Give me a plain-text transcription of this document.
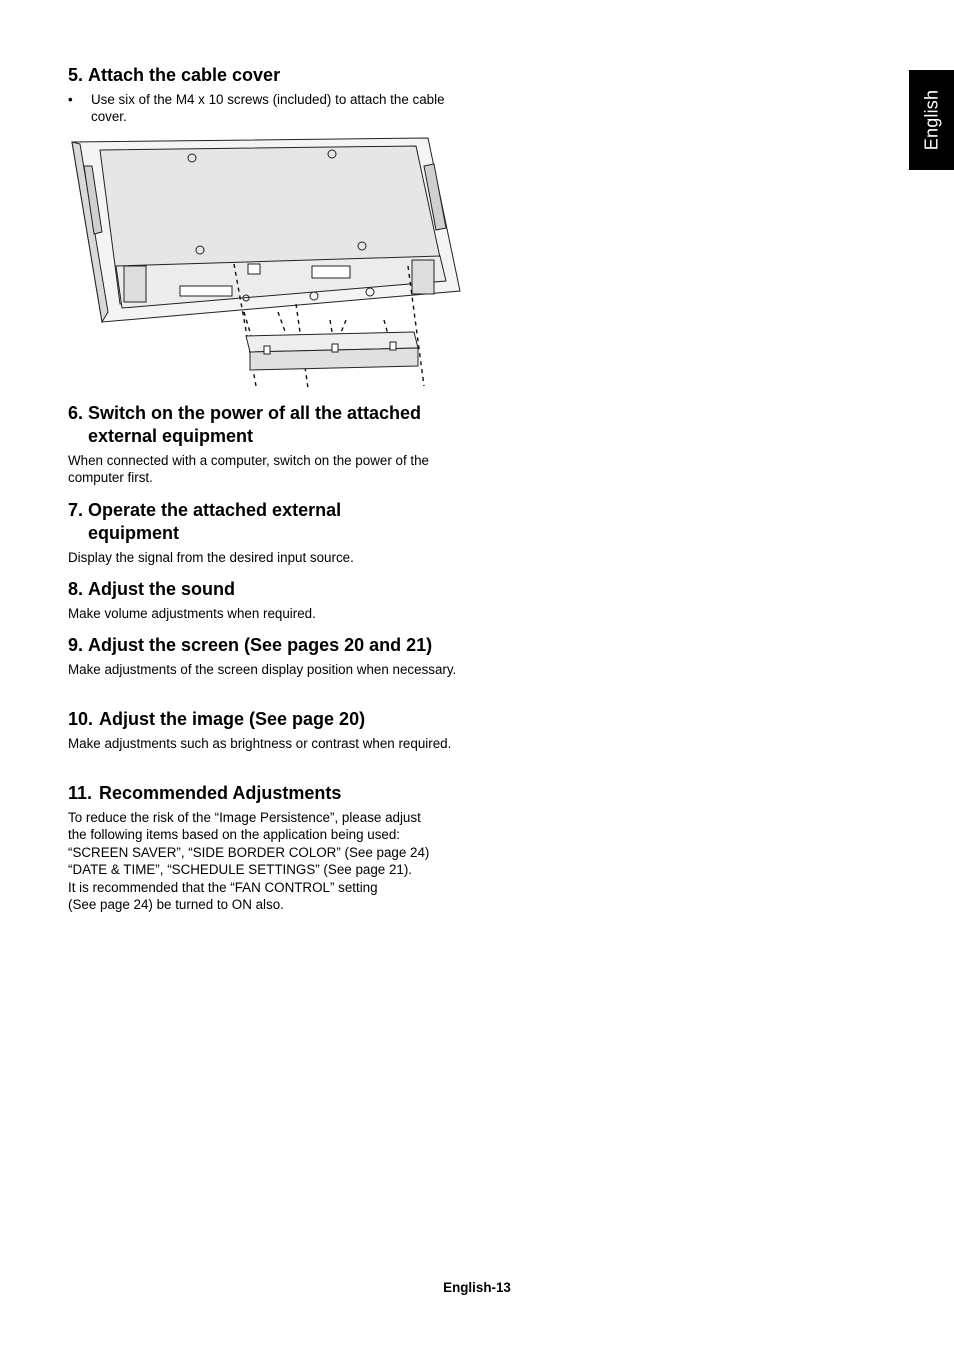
English
5. Attach the cable cover
• Use six of the M4 x 10 screws (included) to attach the cable cover.
6. Switch on the power of all the attached external equipment

When connected with a computer, switch on the power of the computer first.

7. Operate the attached external equipment

Display the signal from the desired input source.

8. Adjust the sound

Make volume adjustments when required.

9. Adjust the screen (See pages 20 and 21)

Make adjustments of the screen display position when necessary.

10. Adjust the image (See page 20)

Make adjustments such as brightness or contrast when required.

11. Recommended Adjustments

To reduce the risk of the “Image Persistence”, please adjust
the following items based on the application being used:
“SCREEN SAVER”, “SIDE BORDER COLOR” (See page 24)
“DATE & TIME”, “SCHEDULE SETTINGS” (See page 21).
It is recommended that the “FAN CONTROL” setting
(See page 24) be turned to ON also.

English-13
